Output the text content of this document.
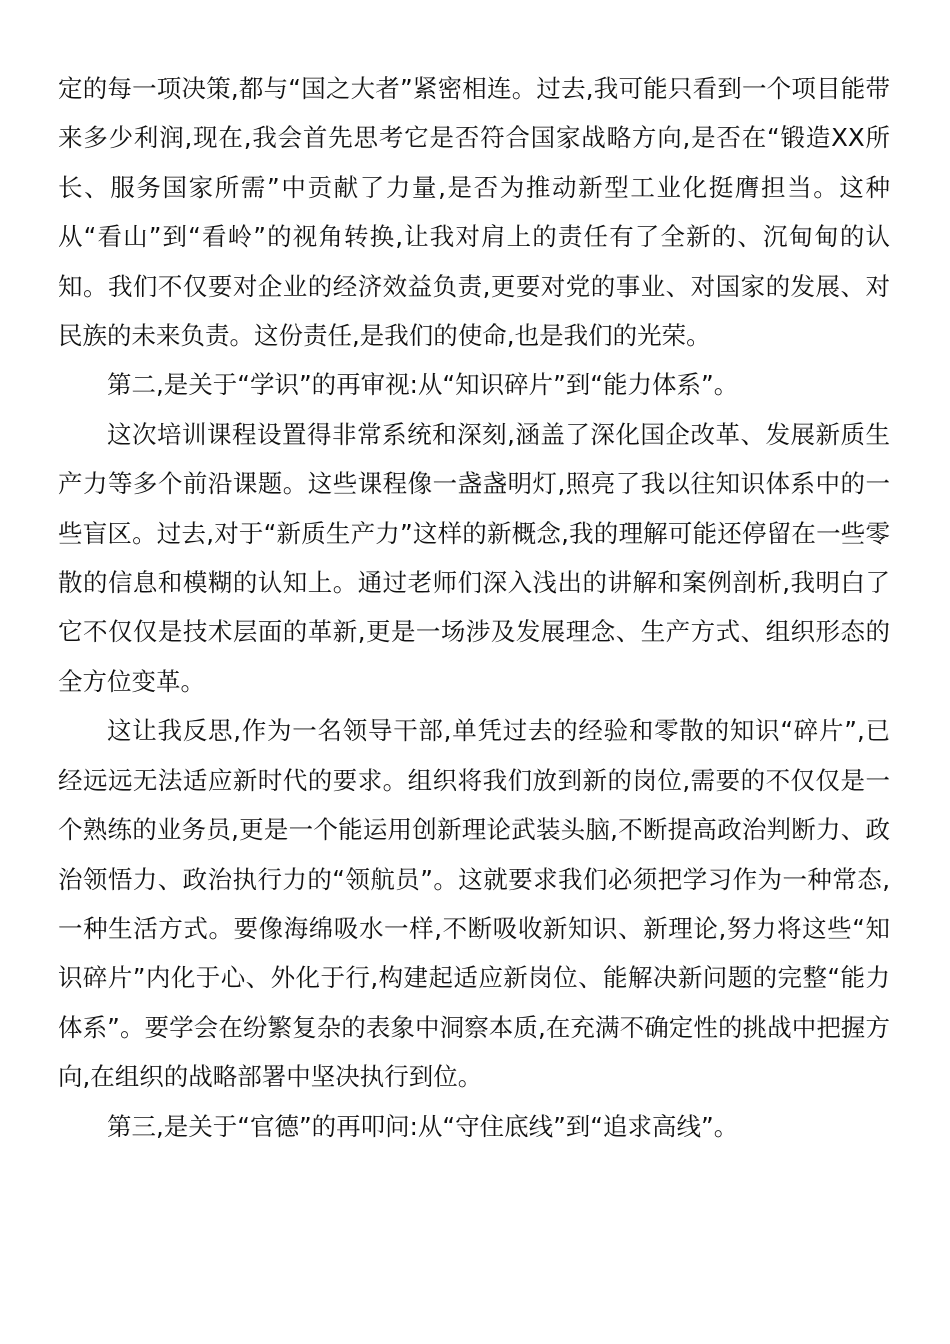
定的每一项决策,都与“国之大者”紧密相连。过去,我可能只看到一个项目能带来多少利润,现在,我会首先思考它是否符合国家战略方向,是否在“锻造XX所长、服务国家所需”中贡献了力量,是否为推动新型工业化挺膺担当。这种从“看山”到“看岭”的视角转换,让我对肩上的责任有了全新的、沉甸甸的认知。我们不仅要对企业的经济效益负责,更要对党的事业、对国家的发展、对民族的未来负责。这份责任,是我们的使命,也是我们的光荣。

第二,是关于“学识”的再审视:从“知识碎片”到“能力体系”。

这次培训课程设置得非常系统和深刻,涵盖了深化国企改革、发展新质生产力等多个前沿课题。这些课程像一盏盏明灯,照亮了我以往知识体系中的一些盲区。过去,对于“新质生产力”这样的新概念,我的理解可能还停留在一些零散的信息和模糊的认知上。通过老师们深入浅出的讲解和案例剖析,我明白了它不仅仅是技术层面的革新,更是一场涉及发展理念、生产方式、组织形态的全方位变革。

这让我反思,作为一名领导干部,单凭过去的经验和零散的知识“碎片”,已经远远无法适应新时代的要求。组织将我们放到新的岗位,需要的不仅仅是一个熟练的业务员,更是一个能运用创新理论武装头脑,不断提高政治判断力、政治领悟力、政治执行力的“领航员”。这就要求我们必须把学习作为一种常态,一种生活方式。要像海绵吸水一样,不断吸收新知识、新理论,努力将这些“知识碎片”内化于心、外化于行,构建起适应新岗位、能解决新问题的完整“能力体系”。要学会在纷繁复杂的表象中洞察本质,在充满不确定性的挑战中把握方向,在组织的战略部署中坚决执行到位。

第三,是关于“官德”的再叩问:从“守住底线”到“追求高线”。
